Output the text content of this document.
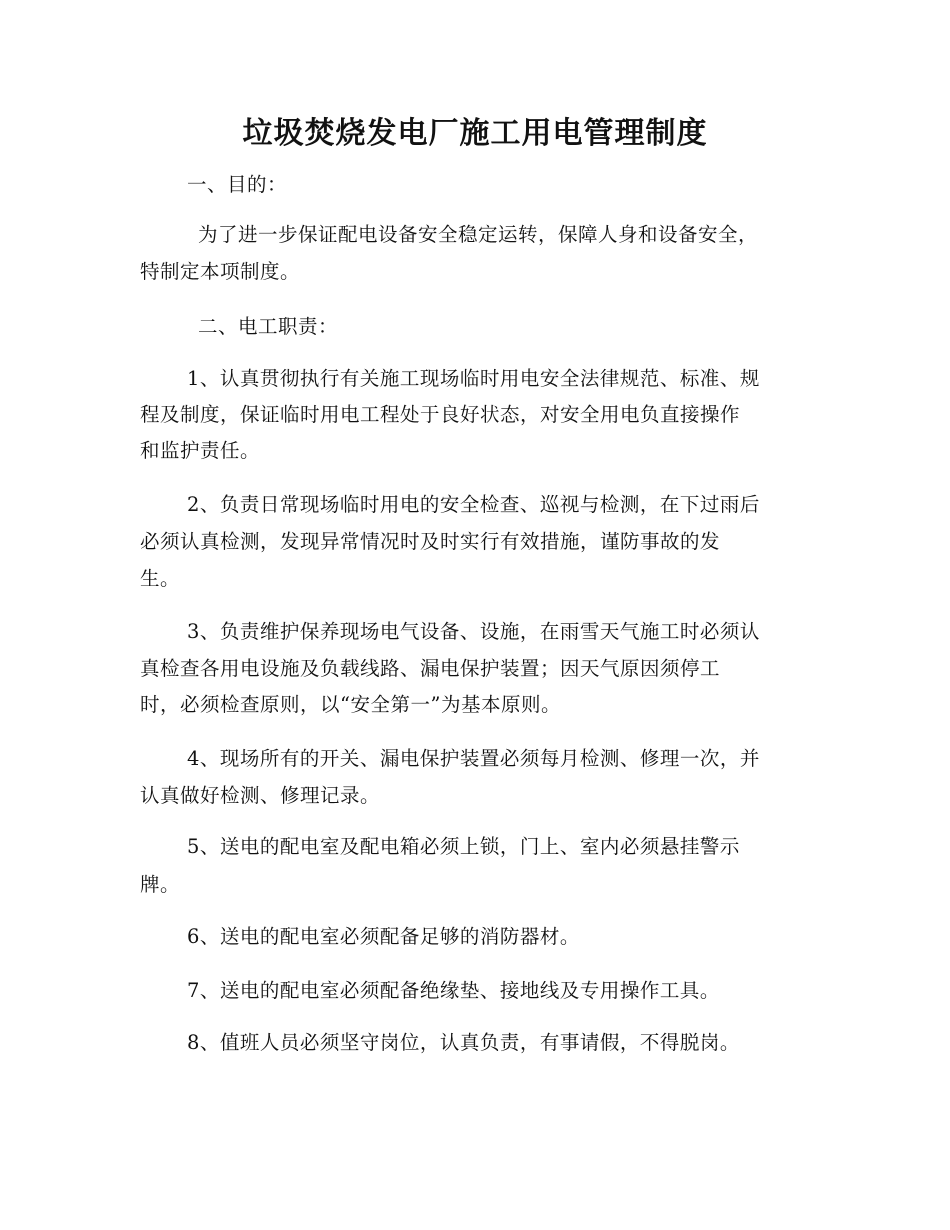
垃圾焚烧发电厂施工用电管理制度

一、目的：

为了进一步保证配电设备安全稳定运转，保障人身和设备安全，

特制定本项制度。

二、电工职责：

1、认真贯彻执行有关施工现场临时用电安全法律规范、标准、规

程及制度，保证临时用电工程处于良好状态，对安全用电负直接操作

和监护责任。

2、负责日常现场临时用电的安全检查、巡视与检测，在下过雨后

必须认真检测，发现异常情况时及时实行有效措施，谨防事故的发

生。

3、负责维护保养现场电气设备、设施，在雨雪天气施工时必须认

真检查各用电设施及负载线路、漏电保护装置；因天气原因须停工

时，必须检查原则，以“安全第一”为基本原则。

4、现场所有的开关、漏电保护装置必须每月检测、修理一次，并

认真做好检测、修理记录。

5、送电的配电室及配电箱必须上锁，门上、室内必须悬挂警示

牌。

6、送电的配电室必须配备足够的消防器材。

7、送电的配电室必须配备绝缘垫、接地线及专用操作工具。

8、值班人员必须坚守岗位，认真负责，有事请假，不得脱岗。
